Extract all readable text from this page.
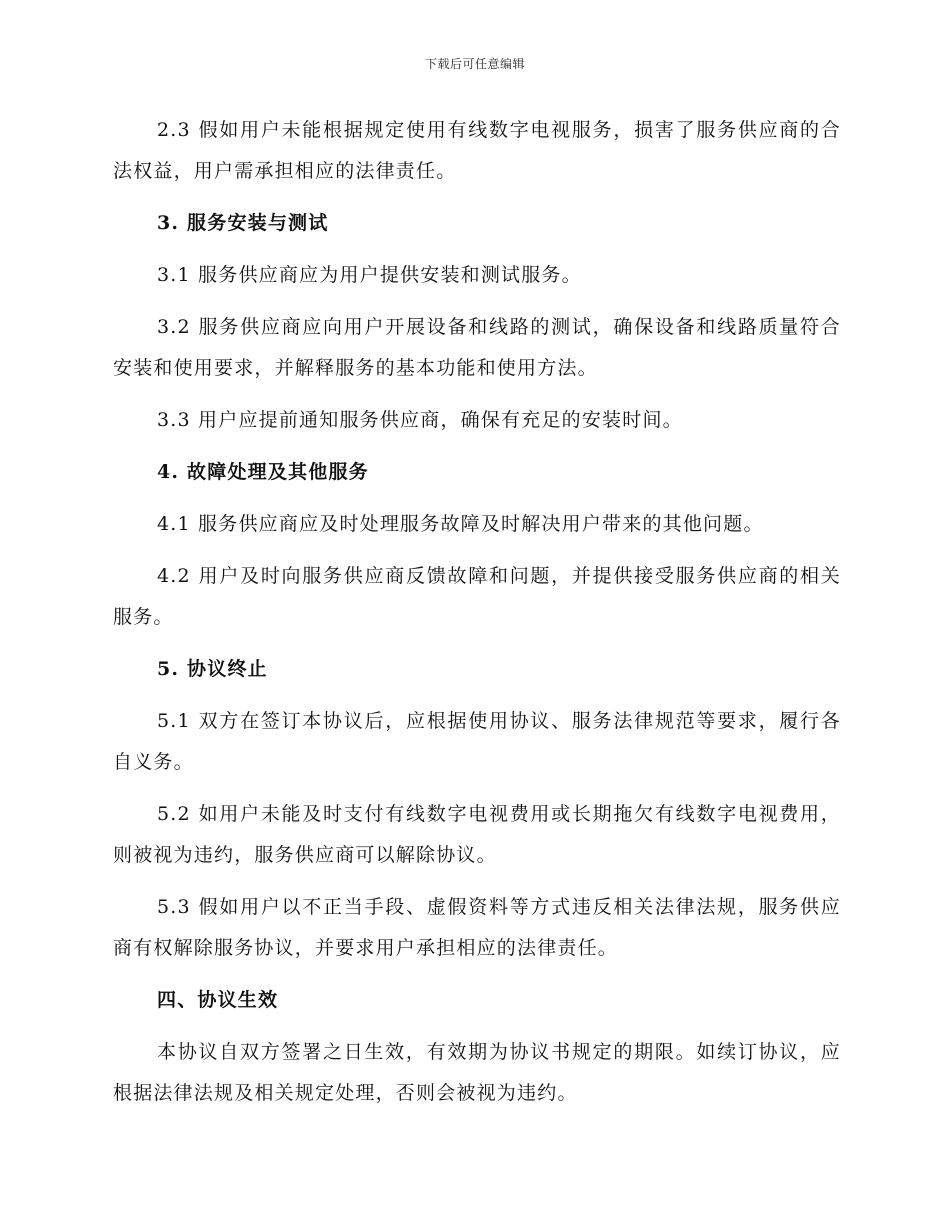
下载后可任意编辑

2.3 假如用户未能根据规定使用有线数字电视服务，损害了服务供应商的合法权益，用户需承担相应的法律责任。

3. 服务安装与测试

3.1 服务供应商应为用户提供安装和测试服务。

3.2 服务供应商应向用户开展设备和线路的测试，确保设备和线路质量符合安装和使用要求，并解释服务的基本功能和使用方法。

3.3 用户应提前通知服务供应商，确保有充足的安装时间。

4. 故障处理及其他服务

4.1 服务供应商应及时处理服务故障及时解决用户带来的其他问题。

4.2 用户及时向服务供应商反馈故障和问题，并提供接受服务供应商的相关服务。

5. 协议终止

5.1 双方在签订本协议后，应根据使用协议、服务法律规范等要求，履行各自义务。

5.2 如用户未能及时支付有线数字电视费用或长期拖欠有线数字电视费用，则被视为违约，服务供应商可以解除协议。

5.3 假如用户以不正当手段、虚假资料等方式违反相关法律法规，服务供应商有权解除服务协议，并要求用户承担相应的法律责任。

四、协议生效

本协议自双方签署之日生效，有效期为协议书规定的期限。如续订协议，应根据法律法规及相关规定处理，否则会被视为违约。
